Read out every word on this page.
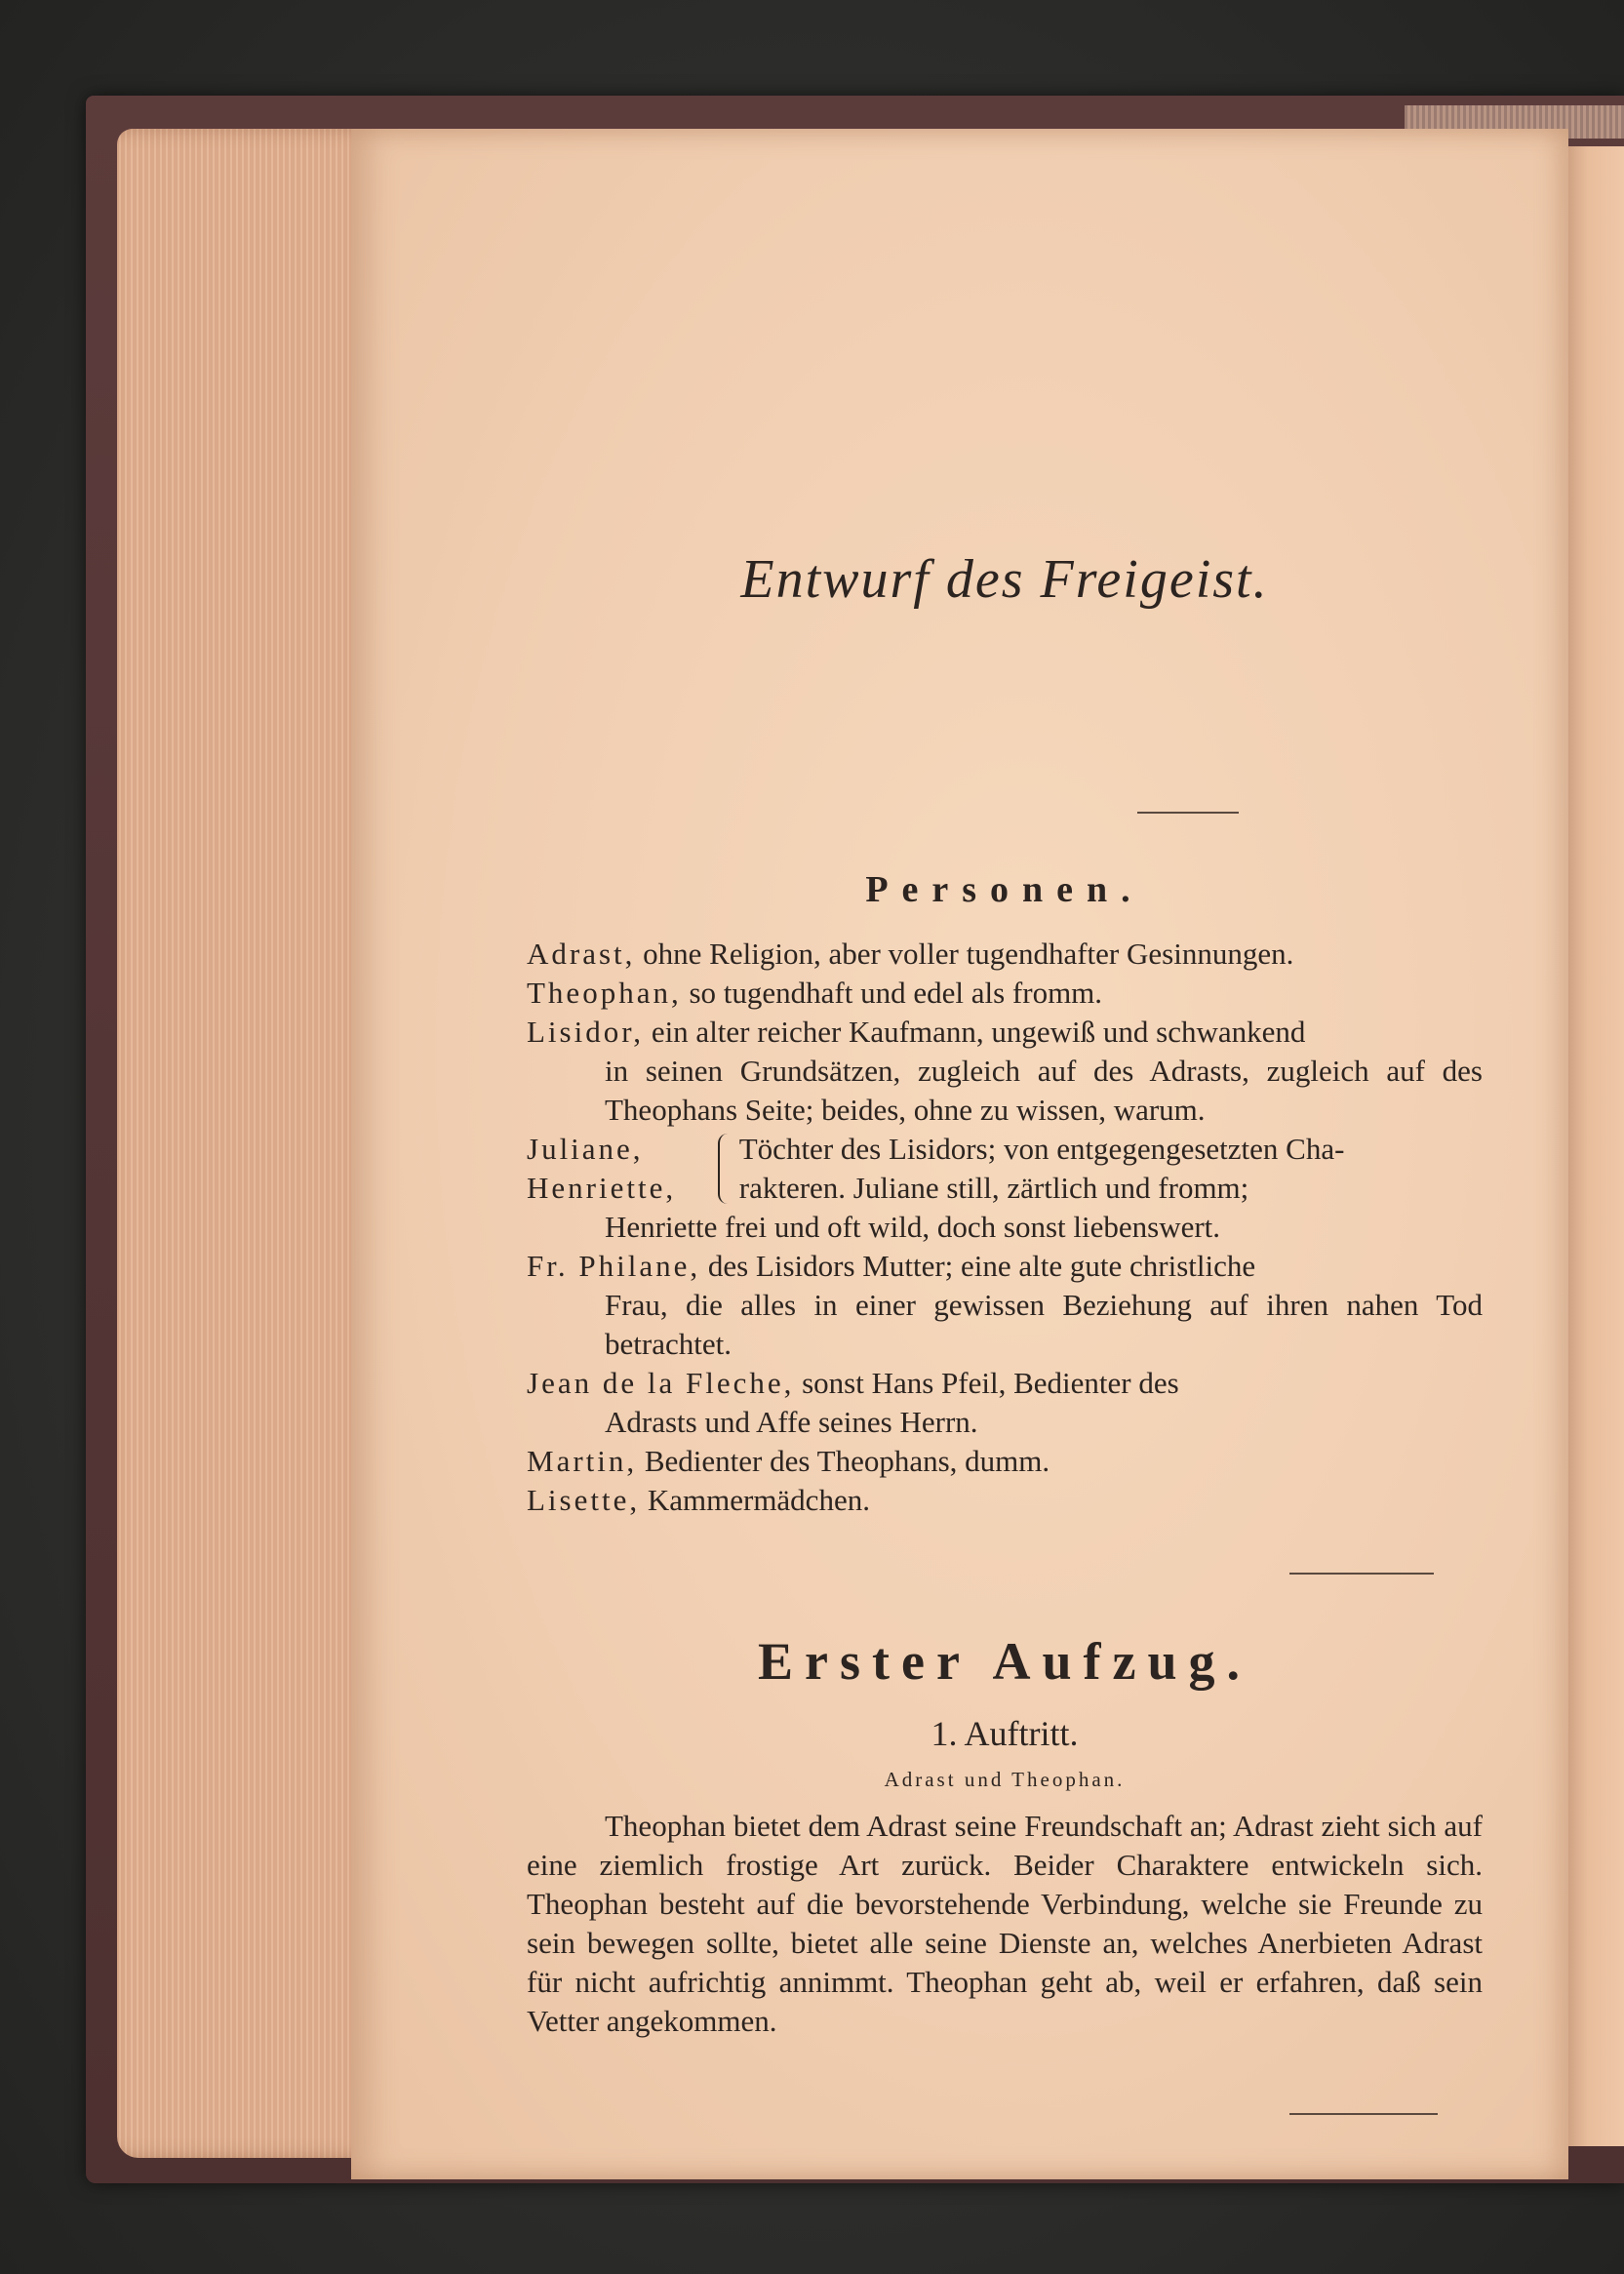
Entwurf des Freigeist.
Personen.
Adrast, ohne Religion, aber voller tugendhafter Gesinnungen.
Theophan, so tugendhaft und edel als fromm.
Lisidor, ein alter reicher Kaufmann, ungewiß und schwankend
in seinen Grundsätzen, zugleich auf des Adrasts, zugleich auf des Theophans Seite; beides, ohne zu wissen, warum.
Juliane,
Henriette,
Töchter des Lisidors; von entgegengesetzten Cha-
rakteren. Juliane still, zärtlich und fromm;
Henriette frei und oft wild, doch sonst liebenswert.
Fr. Philane, des Lisidors Mutter; eine alte gute christliche
Frau, die alles in einer gewissen Beziehung auf ihren nahen Tod betrachtet.
Jean de la Fleche, sonst Hans Pfeil, Bedienter des
Adrasts und Affe seines Herrn.
Martin, Bedienter des Theophans, dumm.
Lisette, Kammermädchen.
Erster Aufzug.
1. Auftritt.
Adrast und Theophan.
Theophan bietet dem Adrast seine Freundschaft an; Adrast zieht sich auf eine ziemlich frostige Art zurück. Beider Charaktere entwickeln sich. Theophan besteht auf die bevorstehende Verbindung, welche sie Freunde zu sein bewegen sollte, bietet alle seine Dienste an, welches Anerbieten Adrast für nicht aufrichtig annimmt. Theophan geht ab, weil er erfahren, daß sein Vetter angekommen.
